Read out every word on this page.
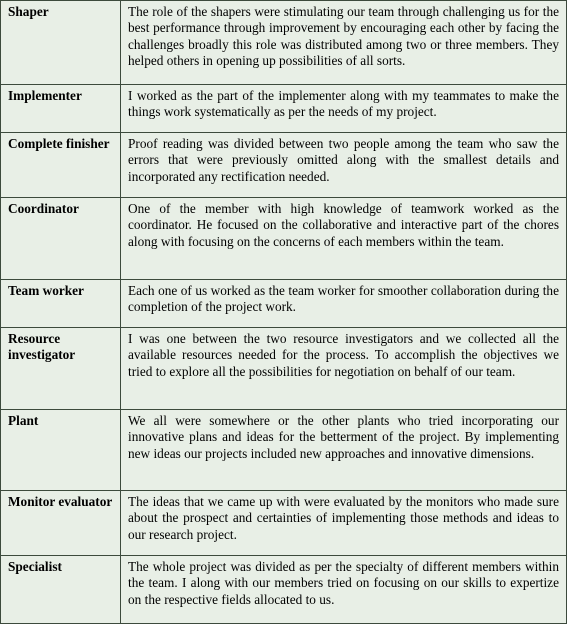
Shaper	The role of the shapers were stimulating our team through challenging us for the best performance through improvement by encouraging each other by facing the challenges broadly this role was distributed among two or three members. They helped others in opening up possibilities of all sorts.
Implementer	I worked as the part of the implementer along with my teammates to make the things work systematically as per the needs of my project.
Complete finisher	Proof reading was divided between two people among the team who saw the errors that were previously omitted along with the smallest details and incorporated any rectification needed.
Coordinator	One of the member with high knowledge of teamwork worked as the coordinator. He focused on the collaborative and interactive part of the chores along with focusing on the concerns of each members within the team.
Team worker	Each one of us worked as the team worker for smoother collaboration during the completion of the project work.
Resource investigator	I was one between the two resource investigators and we collected all the available resources needed for the process. To accomplish the objectives we tried to explore all the possibilities for negotiation on behalf of our team.
Plant	We all were somewhere or the other plants who tried incorporating our innovative plans and ideas for the betterment of the project. By implementing new ideas our projects included new approaches and innovative dimensions.
Monitor evaluator	The ideas that we came up with were evaluated by the monitors who made sure about the prospect and certainties of implementing those methods and ideas to our research project.
Specialist	The whole project was divided as per the specialty of different members within the team. I along with our members tried on focusing on our skills to expertize on the respective fields allocated to us.
